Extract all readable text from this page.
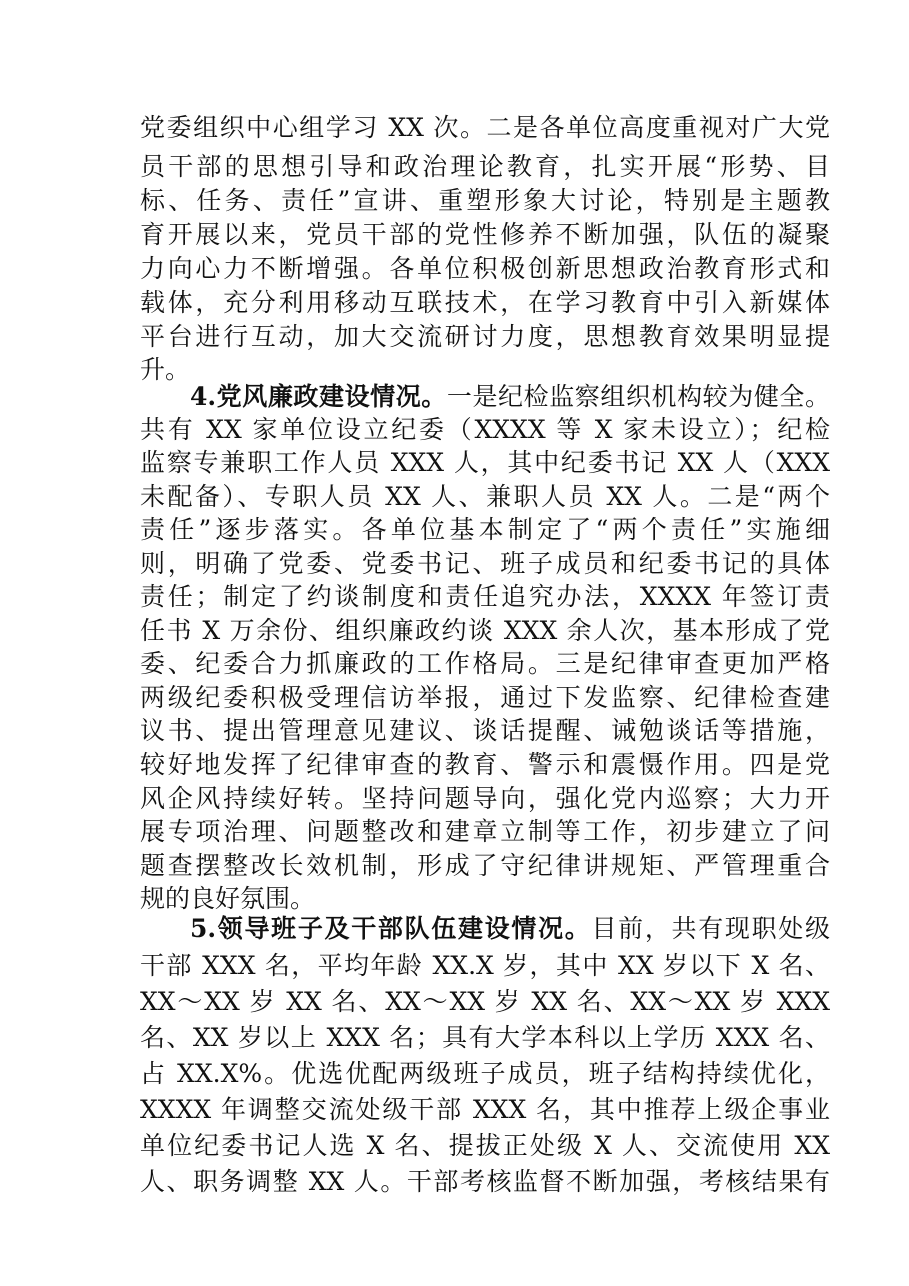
党委组织中心组学习 XX 次。二是各单位高度重视对广大党
员干部的思想引导和政治理论教育，扎实开展“形势、目
标、任务、责任”宣讲、重塑形象大讨论，特别是主题教
育开展以来，党员干部的党性修养不断加强，队伍的凝聚
力向心力不断增强。各单位积极创新思想政治教育形式和
载体，充分利用移动互联技术，在学习教育中引入新媒体
平台进行互动，加大交流研讨力度，思想教育效果明显提
升。
4.党风廉政建设情况。一是纪检监察组织机构较为健全。
共有 XX 家单位设立纪委（XXXX 等 X 家未设立）；纪检
监察专兼职工作人员 XXX 人，其中纪委书记 XX 人（XXX
未配备）、专职人员 XX 人、兼职人员 XX 人。二是“两个
责任”逐步落实。各单位基本制定了“两个责任”实施细
则，明确了党委、党委书记、班子成员和纪委书记的具体
责任；制定了约谈制度和责任追究办法，XXXX 年签订责
任书 X 万余份、组织廉政约谈 XXX 余人次，基本形成了党
委、纪委合力抓廉政的工作格局。三是纪律审查更加严格
两级纪委积极受理信访举报，通过下发监察、纪律检查建
议书、提出管理意见建议、谈话提醒、诫勉谈话等措施，
较好地发挥了纪律审查的教育、警示和震慑作用。四是党
风企风持续好转。坚持问题导向，强化党内巡察；大力开
展专项治理、问题整改和建章立制等工作，初步建立了问
题查摆整改长效机制，形成了守纪律讲规矩、严管理重合
规的良好氛围。
5.领导班子及干部队伍建设情况。目前，共有现职处级
干部 XXX 名，平均年龄 XX.X 岁，其中 XX 岁以下 X 名、
XX～XX 岁 XX 名、XX～XX 岁 XX 名、XX～XX 岁 XXX
名、XX 岁以上 XXX 名；具有大学本科以上学历 XXX 名、
占 XX.X%。优选优配两级班子成员，班子结构持续优化，
XXXX 年调整交流处级干部 XXX 名，其中推荐上级企事业
单位纪委书记人选 X 名、提拔正处级 X 人、交流使用 XX
人、职务调整 XX 人。干部考核监督不断加强，考核结果有
